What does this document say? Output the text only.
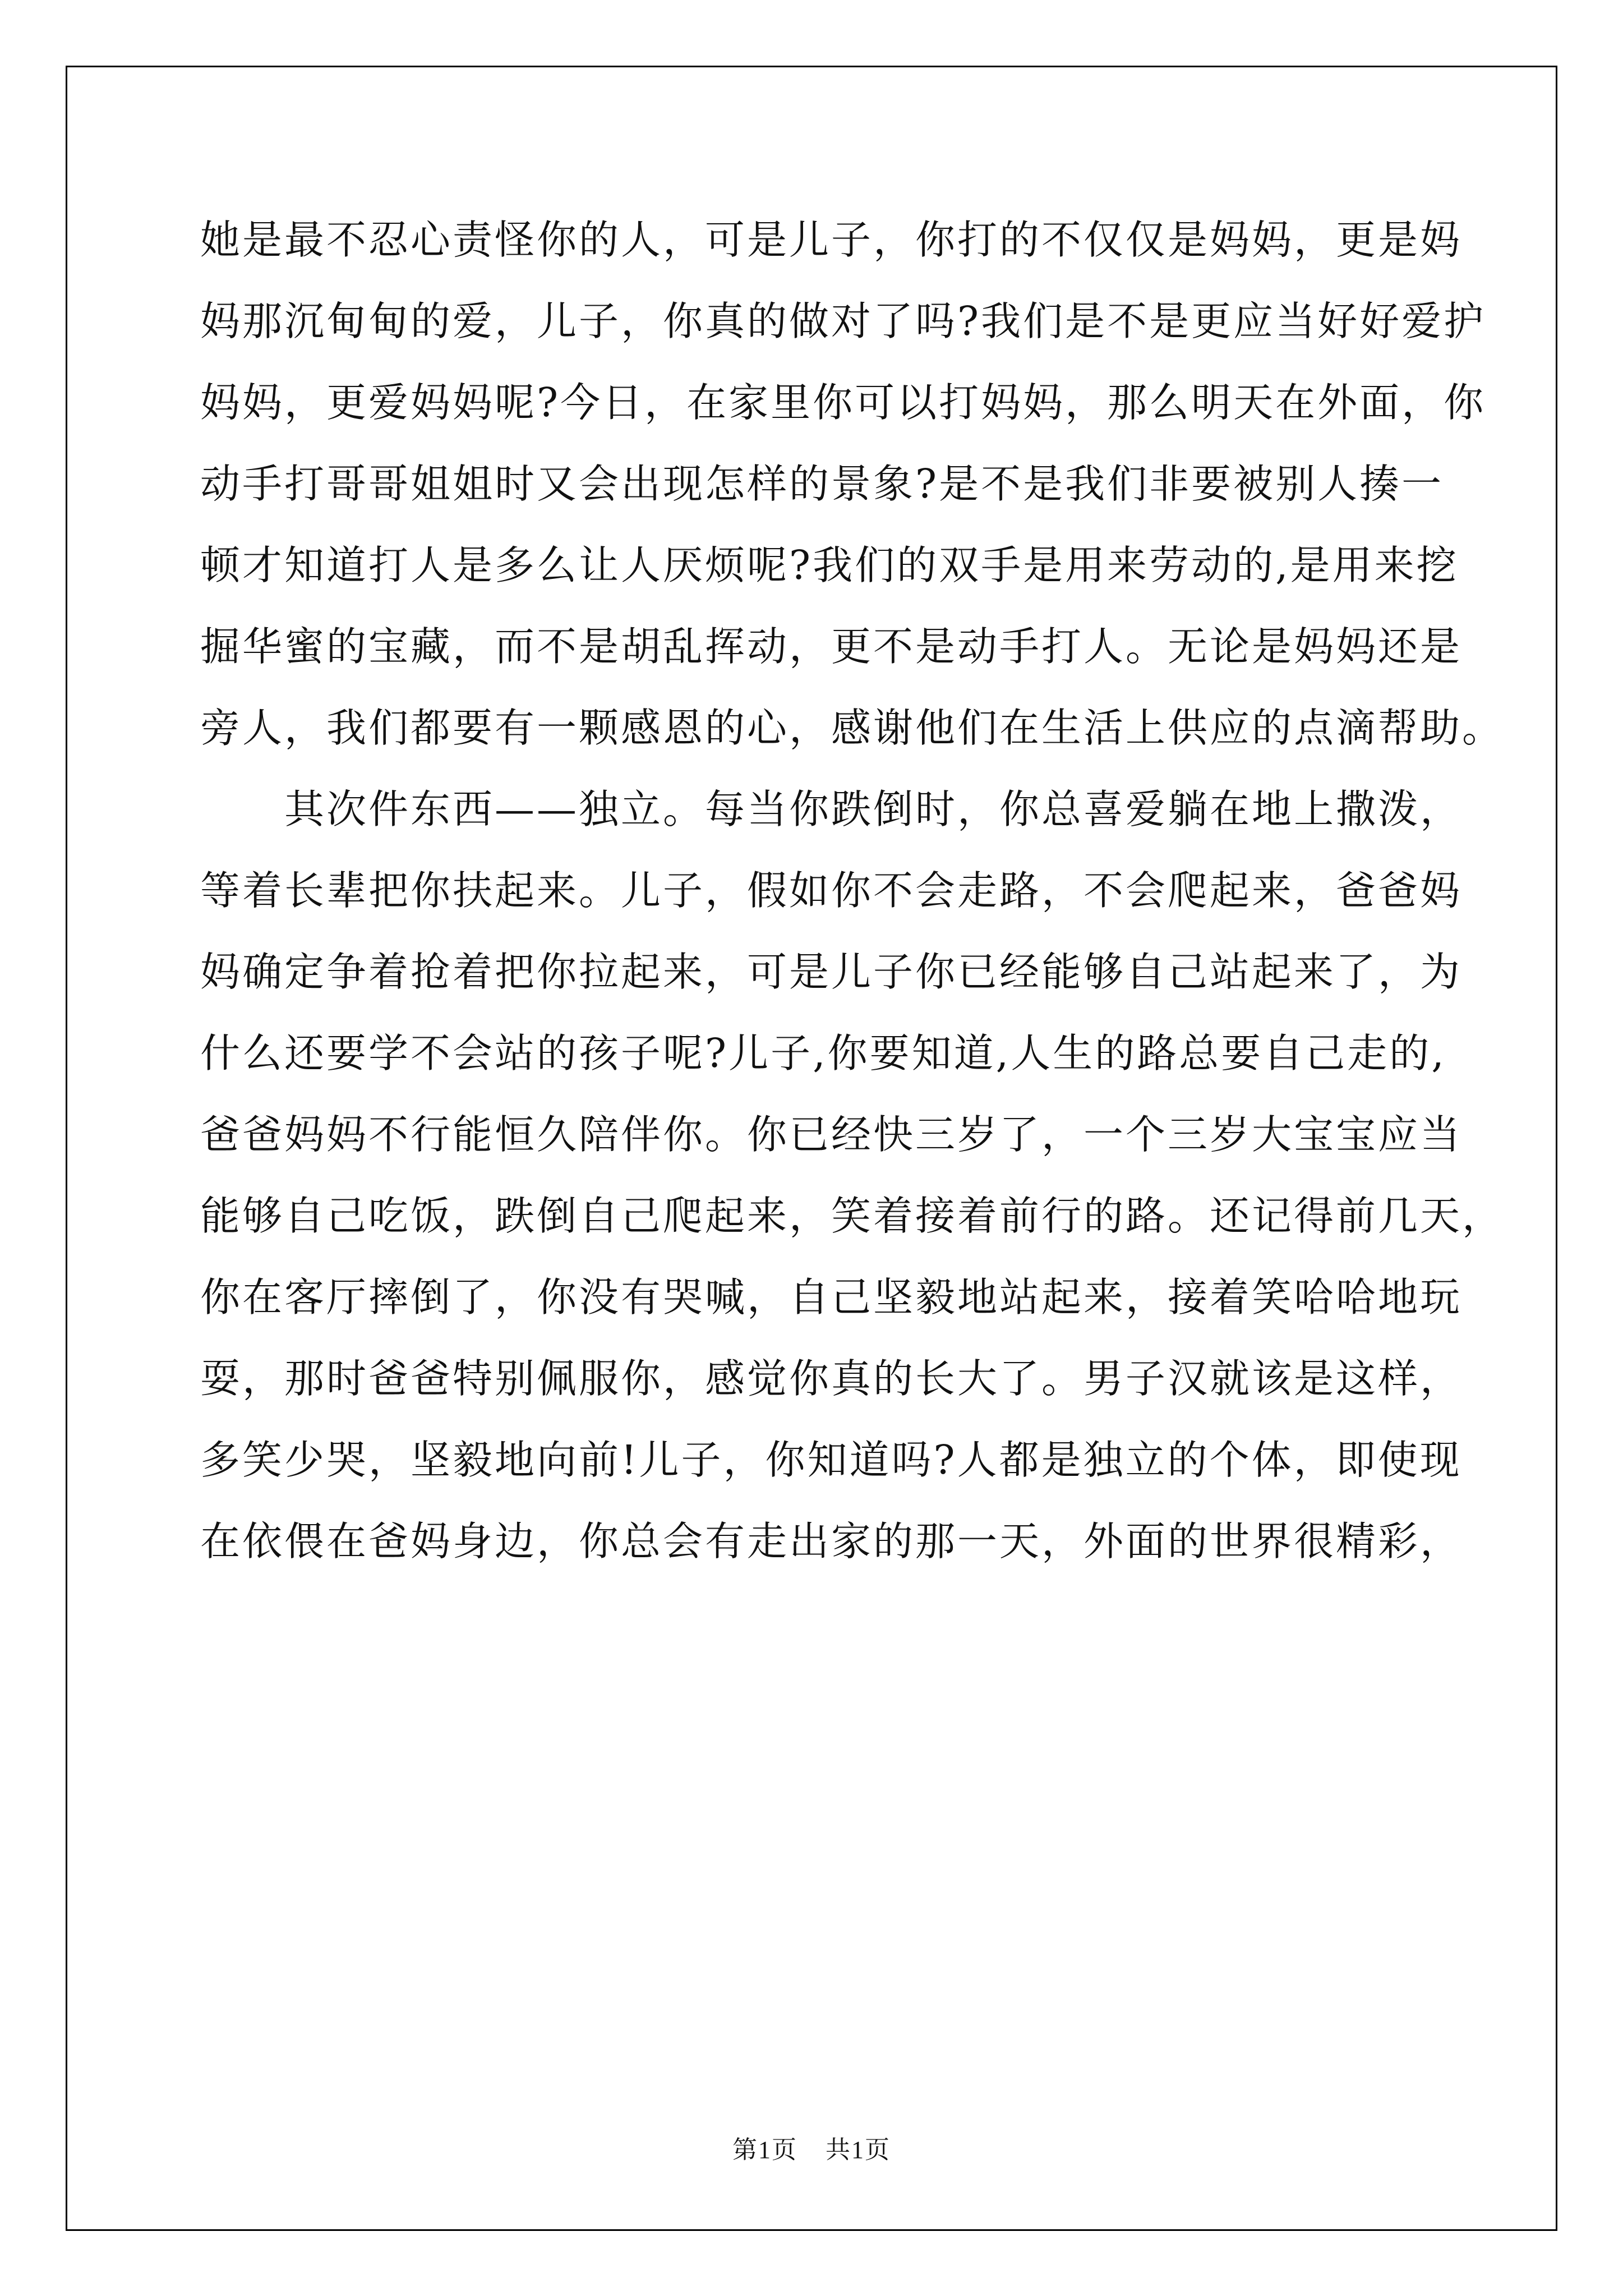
她是最不忍心责怪你的人，可是儿子，你打的不仅仅是妈妈，更是妈
妈那沉甸甸的爱，儿子，你真的做对了吗?我们是不是更应当好好爱护
妈妈，更爱妈妈呢?今日，在家里你可以打妈妈，那么明天在外面，你
动手打哥哥姐姐时又会出现怎样的景象?是不是我们非要被别人揍一
顿才知道打人是多么让人厌烦呢?我们的双手是用来劳动的,是用来挖
掘华蜜的宝藏，而不是胡乱挥动，更不是动手打人。无论是妈妈还是
旁人，我们都要有一颗感恩的心，感谢他们在生活上供应的点滴帮助。
其次件东西——独立。每当你跌倒时，你总喜爱躺在地上撒泼，
等着长辈把你扶起来。儿子，假如你不会走路，不会爬起来，爸爸妈
妈确定争着抢着把你拉起来，可是儿子你已经能够自己站起来了，为
什么还要学不会站的孩子呢?儿子,你要知道,人生的路总要自己走的,
爸爸妈妈不行能恒久陪伴你。你已经快三岁了，一个三岁大宝宝应当
能够自己吃饭，跌倒自己爬起来，笑着接着前行的路。还记得前几天，
你在客厅摔倒了，你没有哭喊，自己坚毅地站起来，接着笑哈哈地玩
耍，那时爸爸特别佩服你，感觉你真的长大了。男子汉就该是这样，
多笑少哭，坚毅地向前!儿子，你知道吗?人都是独立的个体，即使现
在依偎在爸妈身边，你总会有走出家的那一天，外面的世界很精彩，
第1页 共1页
